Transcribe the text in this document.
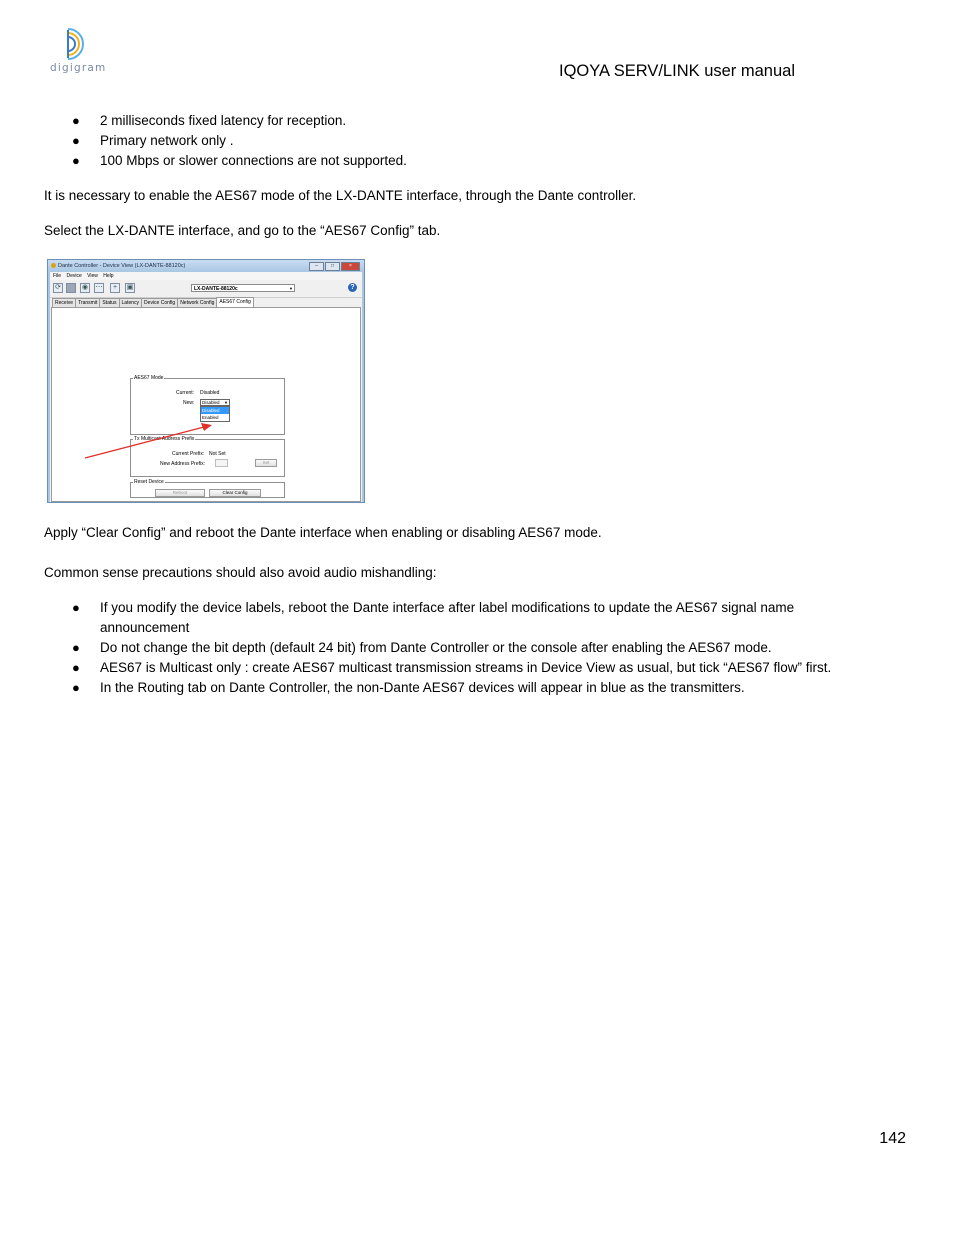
digigram	IQOYA SERV/LINK user manual
● 2 milliseconds fixed latency for reception.
● Primary network only .
● 100 Mbps or slower connections are not supported.
It is necessary to enable the AES67 mode of the LX-DANTE interface, through the Dante controller.
Select the LX-DANTE interface, and go to the “AES67 Config” tab.
Dante Controller - Device View (LX-DANTE-88120c)	–	□	×
File Device View Help
⟳	◉ ⋯	+	▣	LX-DANTE-88120c	▼	?
Receive	Transmit	Status	Latency	Device Config	Network Config	AES67 Config
AES67 Mode
Current: Disabled
New:	Disabled ▼
Disabled
Enabled
Tx Multicast Address Prefix
Current Prefix: Not Set
New Address Prefix:	Set
Reset Device
Reboot	Clear Config
Apply “Clear Config” and reboot the Dante interface when enabling or disabling AES67 mode.
Common sense precautions should also avoid audio mishandling:
● If you modify the device labels, reboot the Dante interface after label modifications to update the AES67 signal name announcement
● Do not change the bit depth (default 24 bit) from Dante Controller or the console after enabling the AES67 mode.
● AES67 is Multicast only : create AES67 multicast transmission streams in Device View as usual, but tick “AES67 flow” first.
● In the Routing tab on Dante Controller, the non-Dante AES67 devices will appear in blue as the transmitters.
142
